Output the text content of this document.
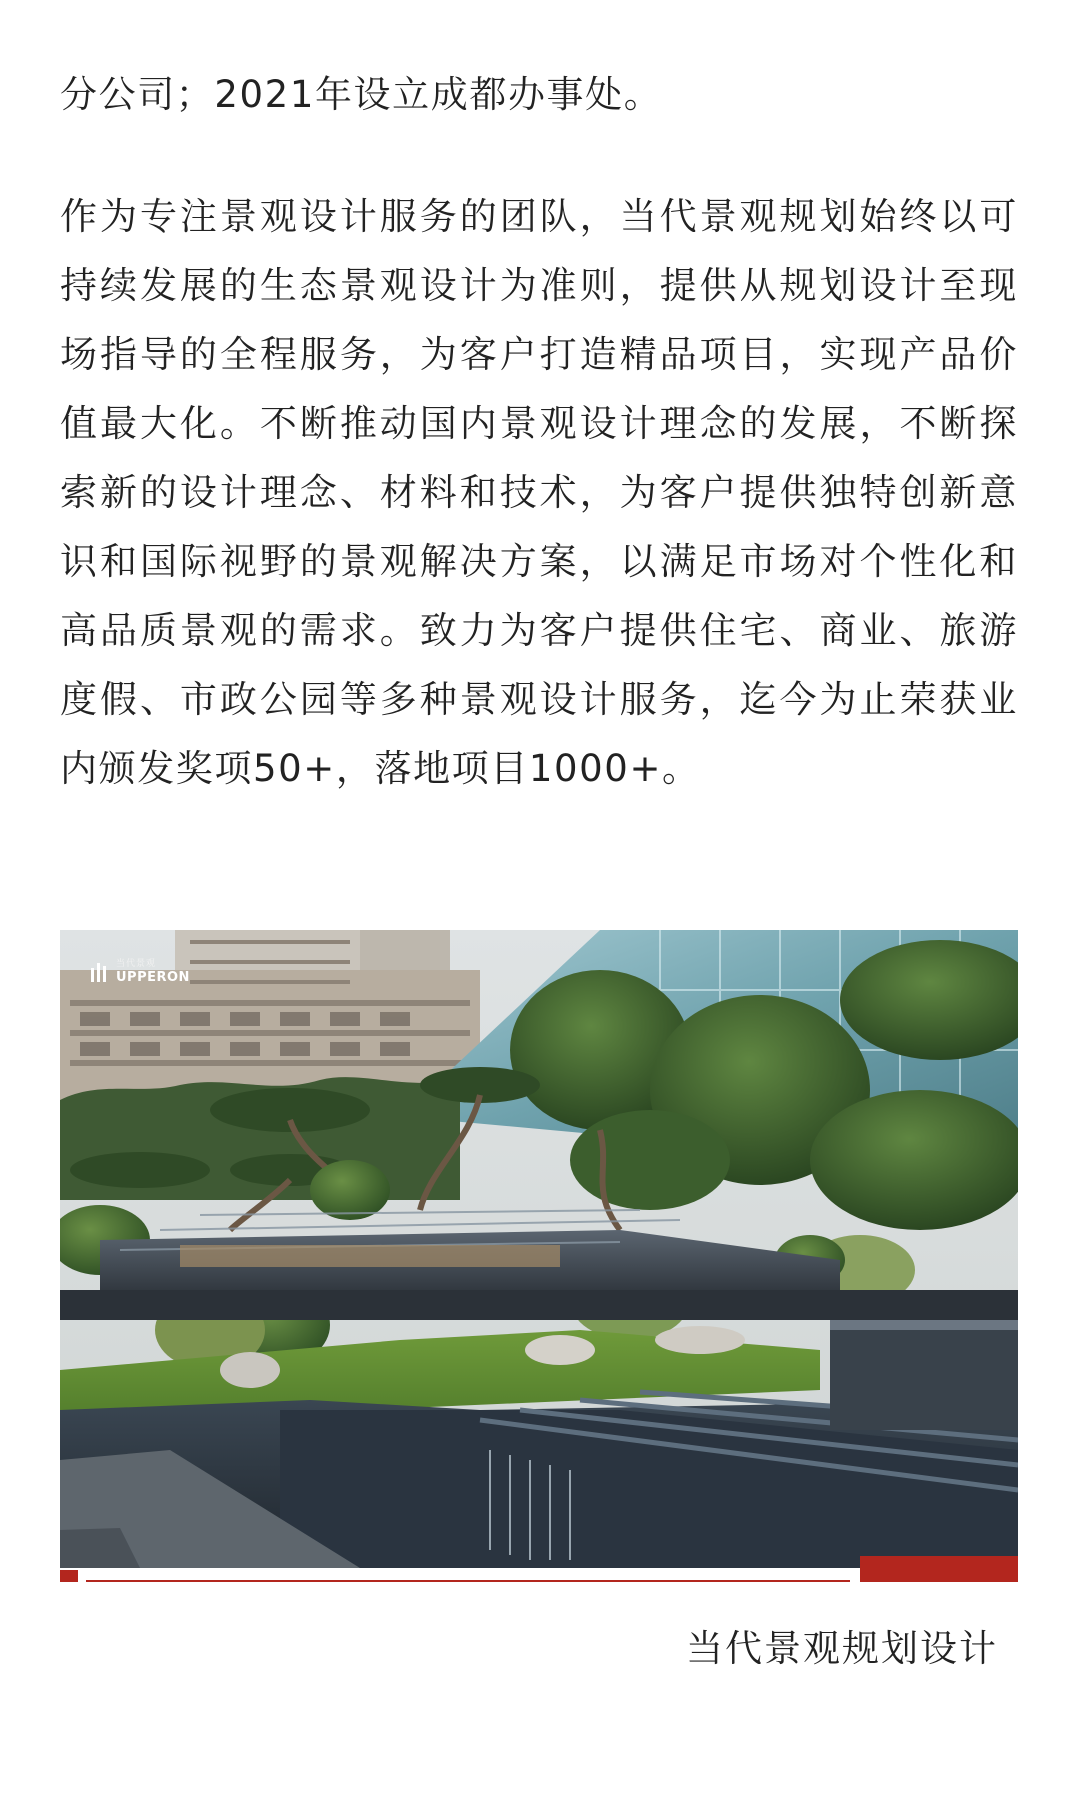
分公司；2021年设立成都办事处。

作为专注景观设计服务的团队，当代景观规划始终以可持续发展的生态景观设计为准则，提供从规划设计至现场指导的全程服务，为客户打造精品项目，实现产品价值最大化。不断推动国内景观设计理念的发展，不断探索新的设计理念、材料和技术，为客户提供独特创新意识和国际视野的景观解决方案，以满足市场对个性化和高品质景观的需求。致力为客户提供住宅、商业、旅游度假、市政公园等多种景观设计服务，迄今为止荣获业内颁发奖项50+，落地项目1000+。

当代景观
UPPERON

当代景观规划设计
